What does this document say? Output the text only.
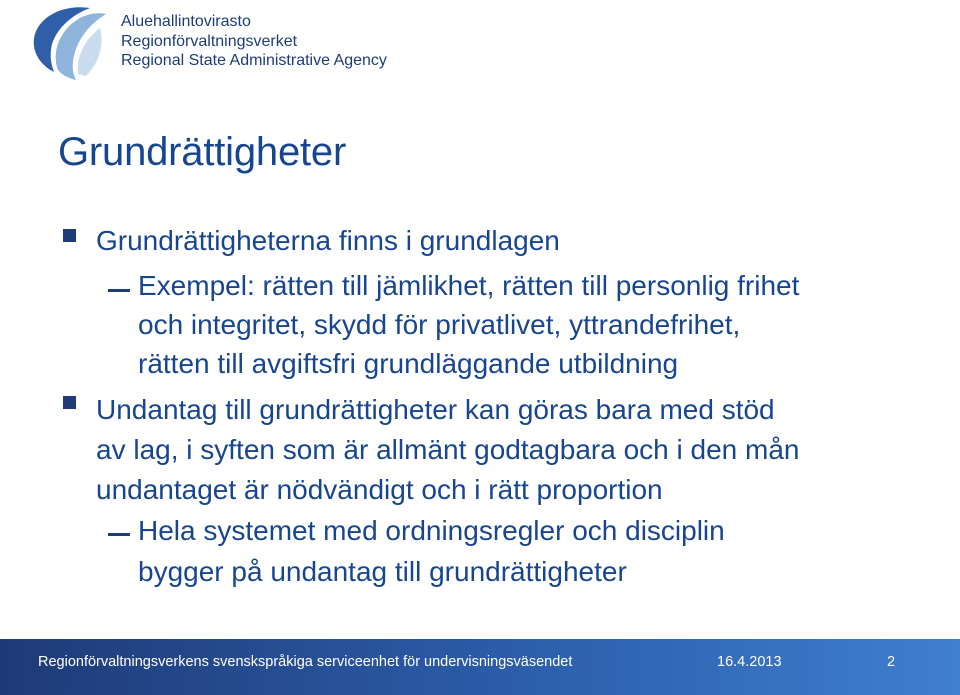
Aluehallintovirasto
Regionförvaltningsverket
Regional State Administrative Agency
Grundrättigheter
Grundrättigheterna finns i grundlagen
Exempel: rätten till jämlikhet, rätten till personlig frihet
och integritet, skydd för privatlivet, yttrandefrihet,
rätten till avgiftsfri grundläggande utbildning
Undantag till grundrättigheter kan göras bara med stöd
av lag, i syften som är allmänt godtagbara och i den mån
undantaget är nödvändigt och i rätt proportion
Hela systemet med ordningsregler och disciplin
bygger på undantag till grundrättigheter
Regionförvaltningsverkens svenskspråkiga serviceenhet för undervisningsväsendet	16.4.2013	2
